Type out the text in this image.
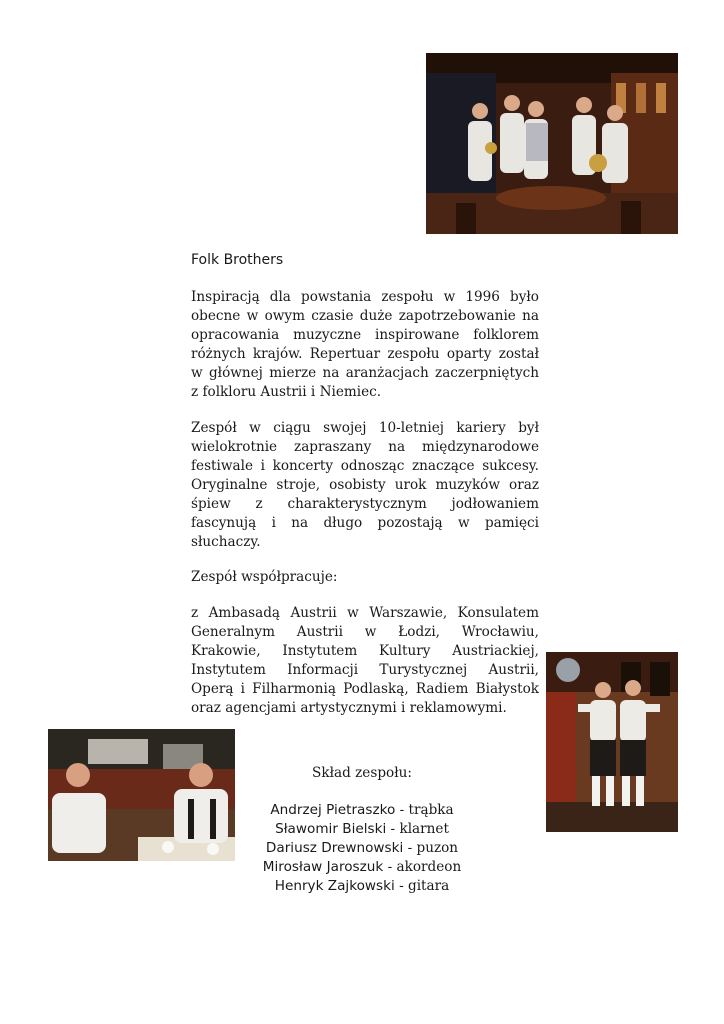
Folk Brothers

Inspiracją dla powstania zespołu w 1996 było
obecne w owym czasie duże zapotrzebowanie na
opracowania muzyczne inspirowane folklorem
różnych krajów. Repertuar zespołu oparty został
w głównej mierze na aranżacjach zaczerpniętych
z folkloru Austrii i Niemiec.

Zespół w ciągu swojej 10-letniej kariery był
wielokrotnie zapraszany na międzynarodowe
festiwale i koncerty odnosząc znaczące sukcesy.
Oryginalne stroje, osobisty urok muzyków oraz
śpiew z charakterystycznym jodłowaniem
fascynują i na długo pozostają w pamięci
słuchaczy.

Zespół współpracuje:

z Ambasadą Austrii w Warszawie, Konsulatem
Generalnym Austrii w Łodzi, Wrocławiu,
Krakowie, Instytutem Kultury Austriackiej,
Instytutem Informacji Turystycznej Austrii,
Operą i Filharmonią Podlaską, Radiem Białystok
oraz agencjami artystycznymi i reklamowymi.

Skład zespołu:

Andrzej Pietraszko - trąbka
Sławomir Bielski - klarnet
Dariusz Drewnowski - puzon
Mirosław Jaroszuk - akordeon
Henryk Zajkowski - gitara
